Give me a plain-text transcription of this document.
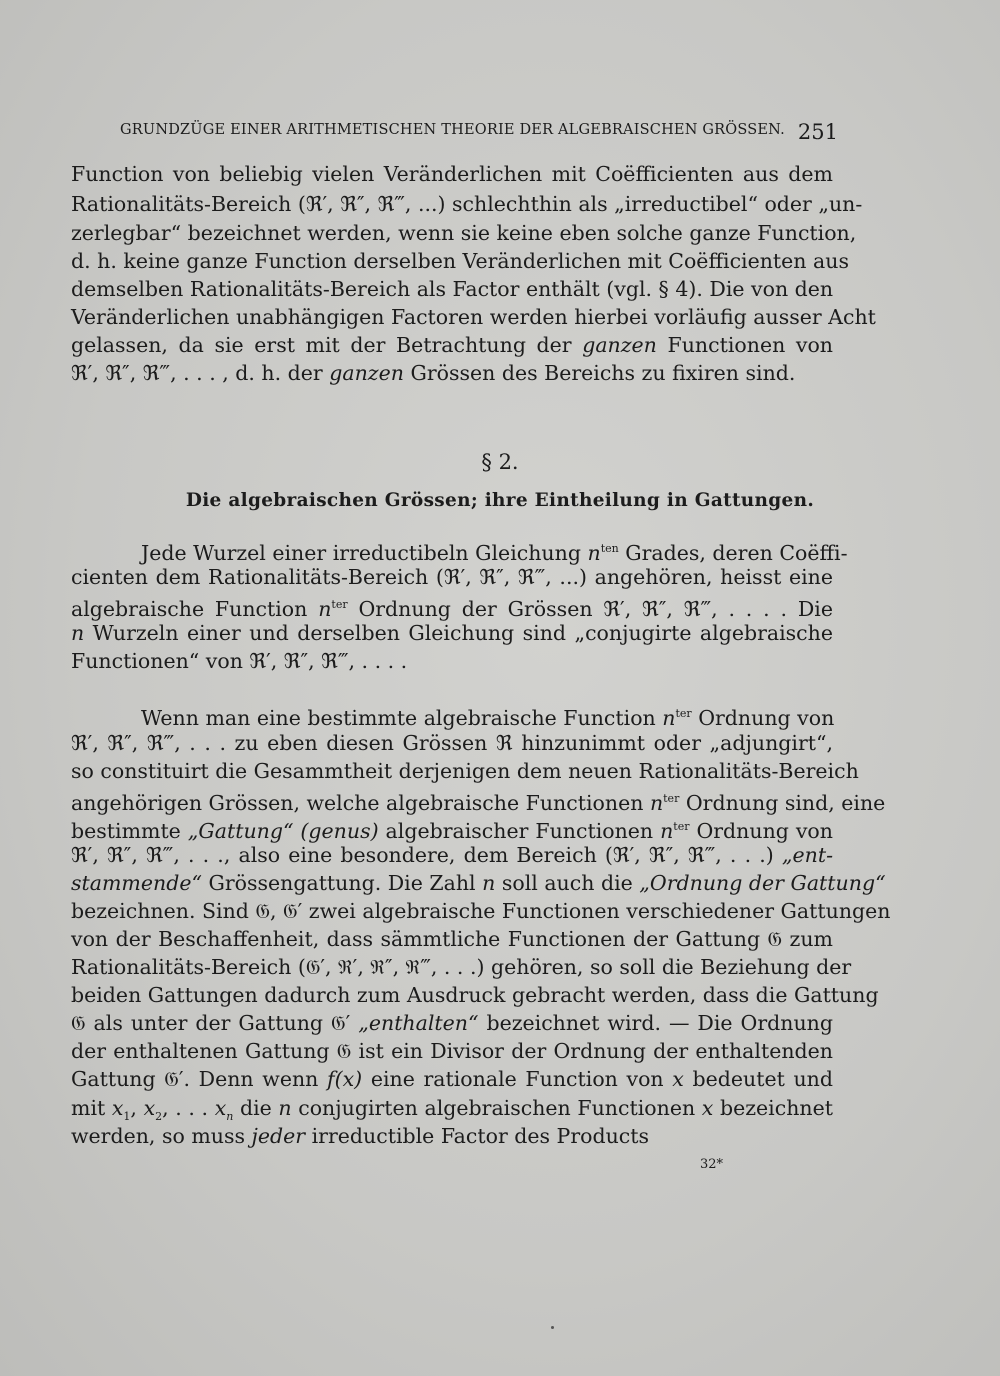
GRUNDZÜGE EINER ARITHMETISCHEN THEORIE DER ALGEBRAISCHEN GRÖSSEN. 251
Function von beliebig vielen Veränderlichen mit Coëfficienten aus dem
Rationalitäts-Bereich (ℜ′, ℜ″, ℜ‴, ...) schlechthin als „irreductibel“ oder „un-
zerlegbar“ bezeichnet werden, wenn sie keine eben solche ganze Function,
d. h. keine ganze Function derselben Veränderlichen mit Coëfficienten aus
demselben Rationalitäts-Bereich als Factor enthält (vgl. § 4). Die von den
Veränderlichen unabhängigen Factoren werden hierbei vorläufig ausser Acht
gelassen, da sie erst mit der Betrachtung der ganzen Functionen von
ℜ′, ℜ″, ℜ‴, . . . , d. h. der ganzen Grössen des Bereichs zu fixiren sind.
§ 2.
Die algebraischen Grössen; ihre Eintheilung in Gattungen.
Jede Wurzel einer irreductibeln Gleichung $n^{ten}$ Grades, deren Coëffi-
cienten dem Rationalitäts-Bereich (ℜ′, ℜ″, ℜ‴, ...) angehören, heisst eine
algebraische Function $n^{ter}$ Ordnung der Grössen ℜ′, ℜ″, ℜ‴, . . . . Die
n Wurzeln einer und derselben Gleichung sind „conjugirte algebraische
Functionen“ von ℜ′, ℜ″, ℜ‴, . . . .
Wenn man eine bestimmte algebraische Function $n^{ter}$ Ordnung von
ℜ′, ℜ″, ℜ‴, . . . zu eben diesen Grössen ℜ hinzunimmt oder „adjungirt“,
so constituirt die Gesammtheit derjenigen dem neuen Rationalitäts-Bereich
angehörigen Grössen, welche algebraische Functionen $n^{ter}$ Ordnung sind, eine
bestimmte „Gattung“ (genus) algebraischer Functionen $n^{ter}$ Ordnung von
ℜ′, ℜ″, ℜ‴, . . ., also eine besondere, dem Bereich (ℜ′, ℜ″, ℜ‴, . . .) „ent-
stammende“ Grössengattung. Die Zahl n soll auch die „Ordnung der Gattung“
bezeichnen. Sind 𝔊, 𝔊′ zwei algebraische Functionen verschiedener Gattungen
von der Beschaffenheit, dass sämmtliche Functionen der Gattung 𝔊 zum
Rationalitäts-Bereich (𝔊′, ℜ′, ℜ″, ℜ‴, . . .) gehören, so soll die Beziehung der
beiden Gattungen dadurch zum Ausdruck gebracht werden, dass die Gattung
𝔊 als unter der Gattung 𝔊′ „enthalten“ bezeichnet wird. — Die Ordnung
der enthaltenen Gattung 𝔊 ist ein Divisor der Ordnung der enthaltenden
Gattung 𝔊′. Denn wenn f(x) eine rationale Function von x bedeutet und
mit $x_1$, $x_2$, . . . $x_n$ die n conjugirten algebraischen Functionen x bezeichnet
werden, so muss jeder irreductible Factor des Products
32*
